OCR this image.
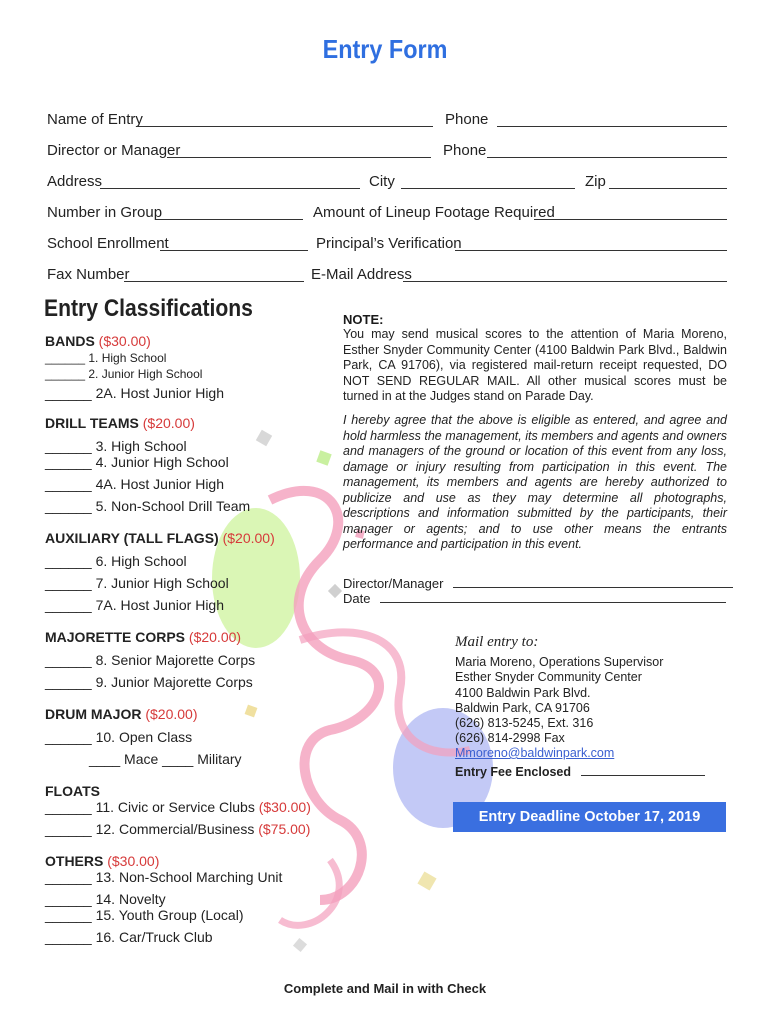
Entry Form
Name of Entry	Phone
Director or Manager	Phone
Address	City	Zip
Number in Group	Amount of Lineup Footage Required
School Enrollment	Principal’s Verification
Fax Number	E-Mail Address
Entry Classifications
BANDS ($30.00)
______ 1. High School
______ 2. Junior High School
______ 2A. Host Junior High
DRILL TEAMS ($20.00)
______ 3. High School
______ 4. Junior High School
______ 4A. Host Junior High
______ 5. Non-School Drill Team
AUXILIARY (TALL FLAGS) ($20.00)
______ 6. High School
______ 7. Junior High School
______ 7A. Host Junior High
MAJORETTE CORPS ($20.00)
______ 8. Senior Majorette Corps
______ 9. Junior Majorette Corps
DRUM MAJOR ($20.00)
______ 10. Open Class
____ Mace ____ Military
FLOATS
______ 11. Civic or Service Clubs ($30.00)
______ 12. Commercial/Business ($75.00)
OTHERS ($30.00)
______ 13. Non-School Marching Unit
______ 14. Novelty
______ 15. Youth Group (Local)
______ 16. Car/Truck Club
NOTE:
You may send musical scores to the attention of Maria Moreno, Esther Snyder Community Center (4100 Baldwin Park Blvd., Baldwin Park, CA 91706), via registered mail-return receipt requested, DO NOT SEND REGULAR MAIL. All other musical scores must be turned in at the Judges stand on Parade Day.
I hereby agree that the above is eligible as entered, and agree and hold harmless the management, its members and agents and owners and managers of the ground or location of this event from any loss, damage or injury resulting from participation in this event. The management, its members and agents are hereby authorized to publicize and use as they may determine all photographs, descriptions and information submitted by the participants, their manager or agents; and to use other means the entrants performance and participation in this event.
Director/Manager
Date
Mail entry to:
Maria Moreno, Operations Supervisor
Esther Snyder Community Center
4100 Baldwin Park Blvd.
Baldwin Park, CA 91706
(626) 813-5245, Ext. 316
(626) 814-2998 Fax
Mmoreno@baldwinpark.com
Entry Fee Enclosed
Entry Deadline October 17, 2019
Complete and Mail in with Check
